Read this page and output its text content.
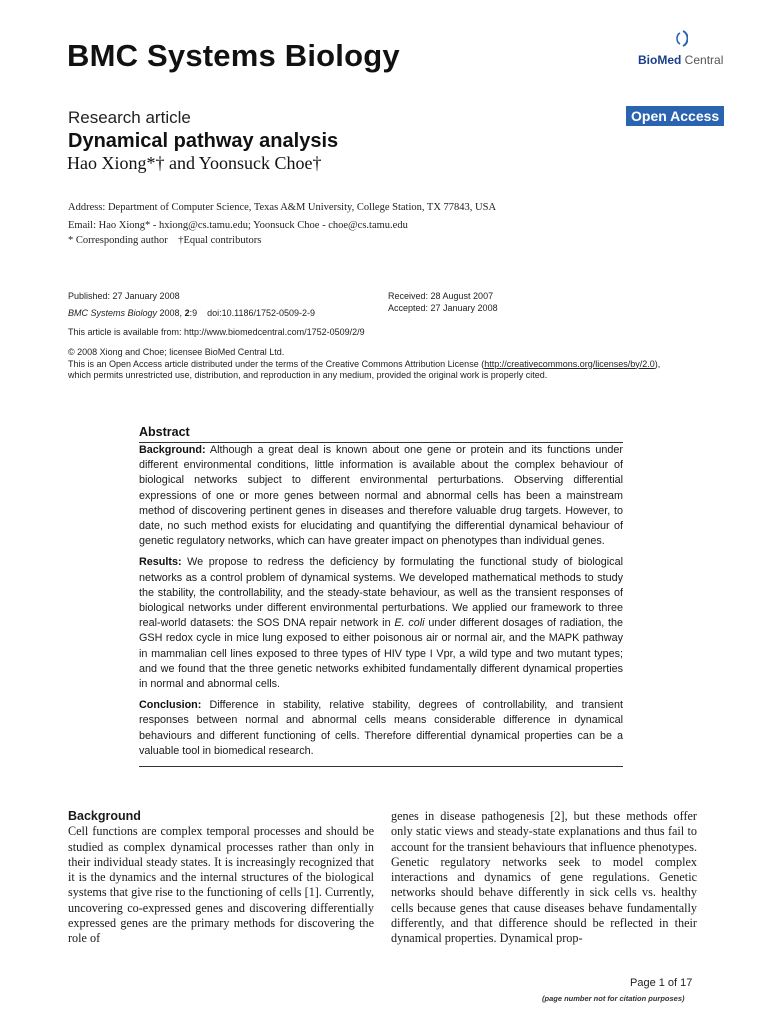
BMC Systems Biology	BioMed Central
Research article	Open Access
Dynamical pathway analysis
Hao Xiong*† and Yoonsuck Choe†
Address: Department of Computer Science, Texas A&M University, College Station, TX 77843, USA
Email: Hao Xiong* - hxiong@cs.tamu.edu; Yoonsuck Choe - choe@cs.tamu.edu
* Corresponding author    †Equal contributors
Published: 27 January 2008
BMC Systems Biology 2008, 2:9    doi:10.1186/1752-0509-2-9
This article is available from: http://www.biomedcentral.com/1752-0509/2/9
Received: 28 August 2007
Accepted: 27 January 2008
© 2008 Xiong and Choe; licensee BioMed Central Ltd.
This is an Open Access article distributed under the terms of the Creative Commons Attribution License (http://creativecommons.org/licenses/by/2.0),
which permits unrestricted use, distribution, and reproduction in any medium, provided the original work is properly cited.
Abstract

Background: Although a great deal is known about one gene or protein and its functions under different environmental conditions, little information is available about the complex behaviour of biological networks subject to different environmental perturbations. Observing differential expressions of one or more genes between normal and abnormal cells has been a mainstream method of discovering pertinent genes in diseases and therefore valuable drug targets. However, to date, no such method exists for elucidating and quantifying the differential dynamical behaviour of genetic regulatory networks, which can have greater impact on phenotypes than individual genes.

Results: We propose to redress the deficiency by formulating the functional study of biological networks as a control problem of dynamical systems. We developed mathematical methods to study the stability, the controllability, and the steady-state behaviour, as well as the transient responses of biological networks under different environmental perturbations. We applied our framework to three real-world datasets: the SOS DNA repair network in E. coli under different dosages of radiation, the GSH redox cycle in mice lung exposed to either poisonous air or normal air, and the MAPK pathway in mammalian cell lines exposed to three types of HIV type I Vpr, a wild type and two mutant types; and we found that the three genetic networks exhibited fundamentally different dynamical properties in normal and abnormal cells.

Conclusion: Difference in stability, relative stability, degrees of controllability, and transient responses between normal and abnormal cells means considerable difference in dynamical behaviours and different functioning of cells. Therefore differential dynamical properties can be a valuable tool in biomedical research.

Background
Cell functions are complex temporal processes and should be studied as complex dynamical processes rather than only in their individual steady states. It is increasingly recognized that it is the dynamics and the internal structures of the biological systems that give rise to the functioning of cells [1]. Currently, uncovering co-expressed genes and discovering differentially expressed genes are the primary methods for discovering the role of
genes in disease pathogenesis [2], but these methods offer only static views and steady-state explanations and thus fail to account for the transient behaviours that influence phenotypes. Genetic regulatory networks seek to model complex interactions and dynamics of gene regulations. Genetic networks should behave differently in sick cells vs. healthy cells because genes that cause diseases behave fundamentally differently, and that difference should be reflected in their dynamical properties. Dynamical prop-
Page 1 of 17
(page number not for citation purposes)
